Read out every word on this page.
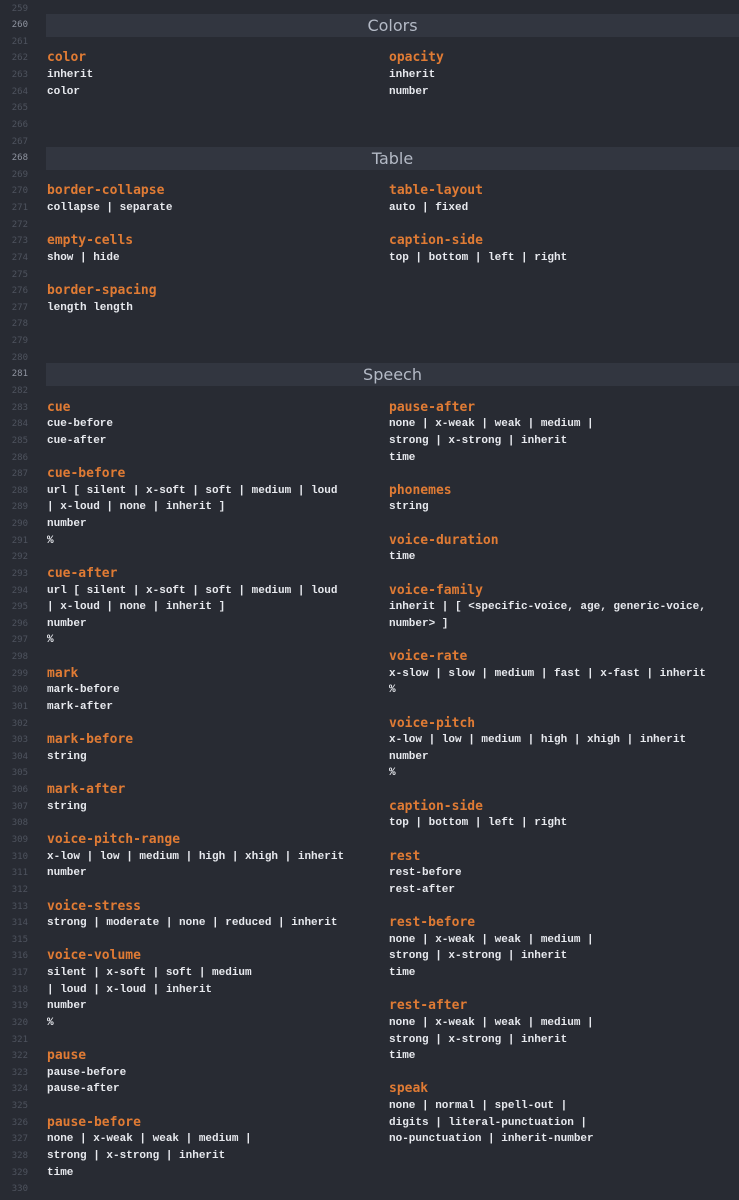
259
260
261
262
263
264
265
266
267
268
269
270
271
272
273
274
275
276
277
278
279
280
281
282
283
284
285
286
287
288
289
290
291
292
293
294
295
296
297
298
299
300
301
302
303
304
305
306
307
308
309
310
311
312
313
314
315
316
317
318
319
320
321
322
323
324
325
326
327
328
329
330
Colors
color
inherit
color
opacity
inherit
number
Table
border-collapse
collapse | separate
table-layout
auto | fixed
empty-cells
show | hide
caption-side
top | bottom | left | right
border-spacing
length length
Speech
cue
cue-before
cue-after
cue-before
url [ silent | x-soft | soft | medium | loud
| x-loud | none | inherit ]
number
%
cue-after
url [ silent | x-soft | soft | medium | loud
| x-loud | none | inherit ]
number
%
mark
mark-before
mark-after
mark-before
string
mark-after
string
voice-pitch-range
x-low | low | medium | high | xhigh | inherit
number
voice-stress
strong | moderate | none | reduced | inherit
voice-volume
silent | x-soft | soft | medium
| loud | x-loud | inherit
number
%
pause
pause-before
pause-after
pause-before
none | x-weak | weak | medium |
strong | x-strong | inherit
time
pause-after
none | x-weak | weak | medium |
strong | x-strong | inherit
time
phonemes
string
voice-duration
time
voice-family
inherit | [ <specific-voice, age, generic-voice,
number> ]
voice-rate
x-slow | slow | medium | fast | x-fast | inherit
%
voice-pitch
x-low | low | medium | high | xhigh | inherit
number
%
caption-side
top | bottom | left | right
rest
rest-before
rest-after
rest-before
none | x-weak | weak | medium |
strong | x-strong | inherit
time
rest-after
none | x-weak | weak | medium |
strong | x-strong | inherit
time
speak
none | normal | spell-out |
digits | literal-punctuation |
no-punctuation | inherit-number
